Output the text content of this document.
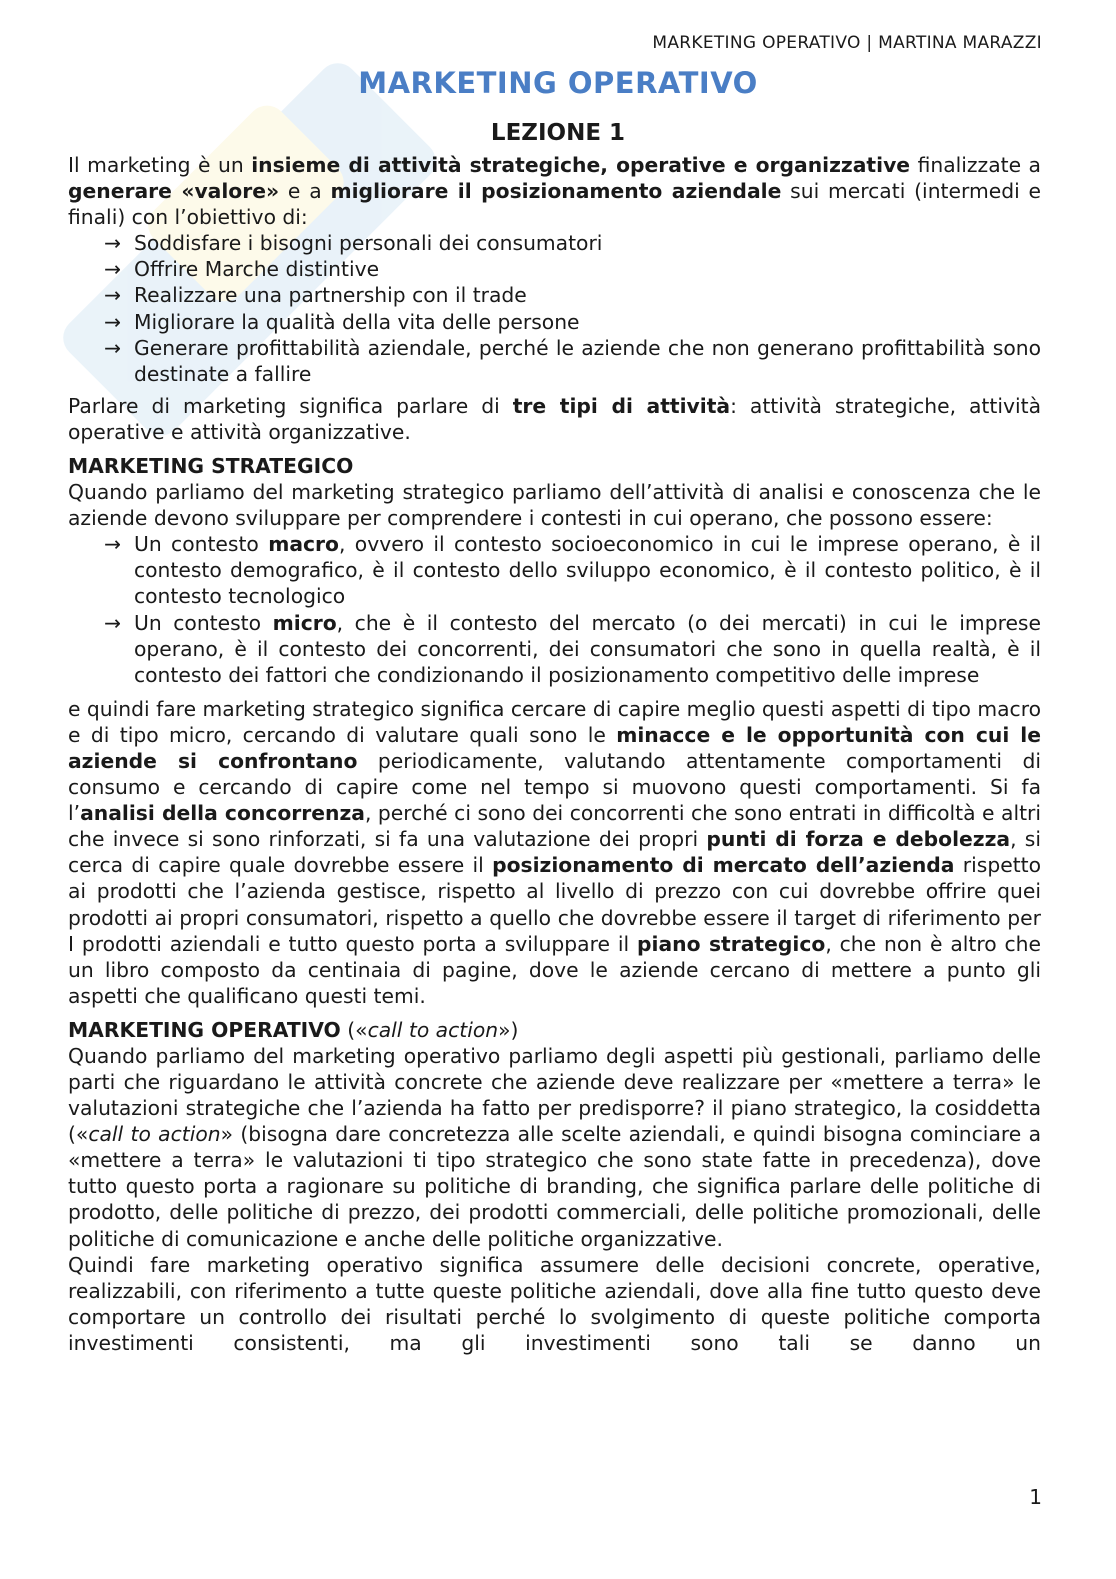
MARKETING OPERATIVO | MARTINA MARAZZI
MARKETING OPERATIVO
LEZIONE 1

Il marketing è un insieme di attività strategiche, operative e organizzative finalizzate a generare «valore» e a migliorare il posizionamento aziendale sui mercati (intermedi e finali) con l’obiettivo di:

→ Soddisfare i bisogni personali dei consumatori
→ Offrire Marche distintive
→ Realizzare una partnership con il trade
→ Migliorare la qualità della vita delle persone
→ Generare profittabilità aziendale, perché le aziende che non generano profittabilità sono destinate a fallire

Parlare di marketing significa parlare di tre tipi di attività: attività strategiche, attività operative e attività organizzative.

MARKETING STRATEGICO

Quando parliamo del marketing strategico parliamo dell’attività di analisi e conoscenza che le aziende devono sviluppare per comprendere i contesti in cui operano, che possono essere:

→ Un contesto macro, ovvero il contesto socioeconomico in cui le imprese operano, è il contesto demografico, è il contesto dello sviluppo economico, è il contesto politico, è il contesto tecnologico
→ Un contesto micro, che è il contesto del mercato (o dei mercati) in cui le imprese operano, è il contesto dei concorrenti, dei consumatori che sono in quella realtà, è il contesto dei fattori che condizionando il posizionamento competitivo delle imprese

e quindi fare marketing strategico significa cercare di capire meglio questi aspetti di tipo macro e di tipo micro, cercando di valutare quali sono le minacce e le opportunità con cui le aziende si confrontano periodicamente, valutando attentamente comportamenti di consumo e cercando di capire come nel tempo si muovono questi comportamenti. Si fa l’analisi della concorrenza, perché ci sono dei concorrenti che sono entrati in difficoltà e altri che invece si sono rinforzati, si fa una valutazione dei propri punti di forza e debolezza, si cerca di capire quale dovrebbe essere il posizionamento di mercato dell’azienda rispetto ai prodotti che l’azienda gestisce, rispetto al livello di prezzo con cui dovrebbe offrire quei prodotti ai propri consumatori, rispetto a quello che dovrebbe essere il target di riferimento per I prodotti aziendali e tutto questo porta a sviluppare il piano strategico, che non è altro che un libro composto da centinaia di pagine, dove le aziende cercano di mettere a punto gli aspetti che qualificano questi temi.

MARKETING OPERATIVO («call to action»)

Quando parliamo del marketing operativo parliamo degli aspetti più gestionali, parliamo delle parti che riguardano le attività concrete che aziende deve realizzare per «mettere a terra» le valutazioni strategiche che l’azienda ha fatto per predisporre? il piano strategico, la cosiddetta («call to action» (bisogna dare concretezza alle scelte aziendali, e quindi bisogna cominciare a «mettere a terra» le valutazioni ti tipo strategico che sono state fatte in precedenza), dove tutto questo porta a ragionare su politiche di branding, che significa parlare delle politiche di prodotto, delle politiche di prezzo, dei prodotti commerciali, delle politiche promozionali, delle politiche di comunicazione e anche delle politiche organizzative.

Quindi fare marketing operativo significa assumere delle decisioni concrete, operative, realizzabili, con riferimento a tutte queste politiche aziendali, dove alla fine tutto questo deve comportare un controllo dei risultati perché lo svolgimento di queste politiche comporta investimenti consistenti, ma gli investimenti sono tali se danno un

1
